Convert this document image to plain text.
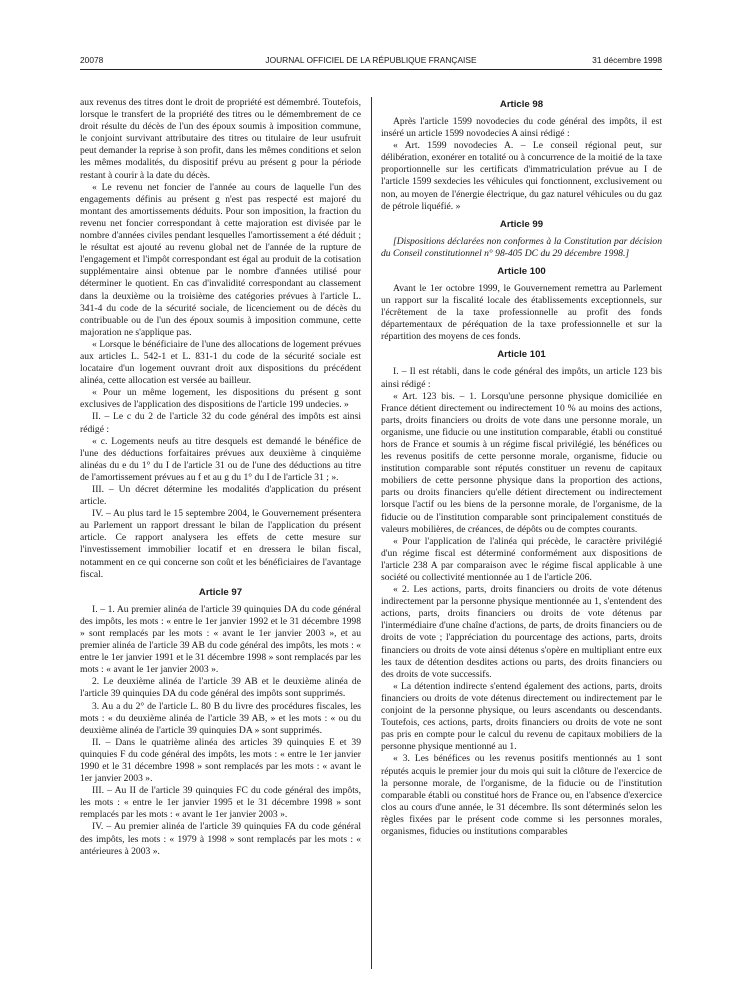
20078	JOURNAL OFFICIEL DE LA RÉPUBLIQUE FRANÇAISE	31 décembre 1998

aux revenus des titres dont le droit de propriété est démembré. Toutefois, lorsque le transfert de la propriété des titres ou le démembrement de ce droit résulte du décès de l'un des époux soumis à imposition commune, le conjoint survivant attributaire des titres ou titulaire de leur usufruit peut demander la reprise à son profit, dans les mêmes conditions et selon les mêmes modalités, du dispositif prévu au présent g pour la période restant à courir à la date du décès.

« Le revenu net foncier de l'année au cours de laquelle l'un des engagements définis au présent g n'est pas respecté est majoré du montant des amortissements déduits. Pour son imposition, la fraction du revenu net foncier correspondant à cette majoration est divisée par le nombre d'années civiles pendant lesquelles l'amortissement a été déduit ; le résultat est ajouté au revenu global net de l'année de la rupture de l'engagement et l'impôt correspondant est égal au produit de la cotisation supplémentaire ainsi obtenue par le nombre d'années utilisé pour déterminer le quotient. En cas d'invalidité correspondant au classement dans la deuxième ou la troisième des catégories prévues à l'article L. 341-4 du code de la sécurité sociale, de licenciement ou de décès du contribuable ou de l'un des époux soumis à imposition commune, cette majoration ne s'applique pas.

« Lorsque le bénéficiaire de l'une des allocations de logement prévues aux articles L. 542-1 et L. 831-1 du code de la sécurité sociale est locataire d'un logement ouvrant droit aux dispositions du précédent alinéa, cette allocation est versée au bailleur.

« Pour un même logement, les dispositions du présent g sont exclusives de l'application des dispositions de l'article 199 undecies. »

II. – Le c du 2 de l'article 32 du code général des impôts est ainsi rédigé :

« c. Logements neufs au titre desquels est demandé le bénéfice de l'une des déductions forfaitaires prévues aux deuxième à cinquième alinéas du e du 1° du I de l'article 31 ou de l'une des déductions au titre de l'amortissement prévues au f et au g du 1° du I de l'article 31 ; ».

III. – Un décret détermine les modalités d'application du présent article.

IV. – Au plus tard le 15 septembre 2004, le Gouvernement présentera au Parlement un rapport dressant le bilan de l'application du présent article. Ce rapport analysera les effets de cette mesure sur l'investissement immobilier locatif et en dressera le bilan fiscal, notamment en ce qui concerne son coût et les bénéficiaires de l'avantage fiscal.

Article 97

I. – 1. Au premier alinéa de l'article 39 quinquies DA du code général des impôts, les mots : « entre le 1er janvier 1992 et le 31 décembre 1998 » sont remplacés par les mots : « avant le 1er janvier 2003 », et au premier alinéa de l'article 39 AB du code général des impôts, les mots : « entre le 1er janvier 1991 et le 31 décembre 1998 » sont remplacés par les mots : « avant le 1er janvier 2003 ».

2. Le deuxième alinéa de l'article 39 AB et le deuxième alinéa de l'article 39 quinquies DA du code général des impôts sont supprimés.

3. Au a du 2° de l'article L. 80 B du livre des procédures fiscales, les mots : « du deuxième alinéa de l'article 39 AB, » et les mots : « ou du deuxième alinéa de l'article 39 quinquies DA » sont supprimés.

II. – Dans le quatrième alinéa des articles 39 quinquies E et 39 quinquies F du code général des impôts, les mots : « entre le 1er janvier 1990 et le 31 décembre 1998 » sont remplacés par les mots : « avant le 1er janvier 2003 ».

III. – Au II de l'article 39 quinquies FC du code général des impôts, les mots : « entre le 1er janvier 1995 et le 31 décembre 1998 » sont remplacés par les mots : « avant le 1er janvier 2003 ».

IV. – Au premier alinéa de l'article 39 quinquies FA du code général des impôts, les mots : « 1979 à 1998 » sont remplacés par les mots : « antérieures à 2003 ».

Article 98

Après l'article 1599 novodecies du code général des impôts, il est inséré un article 1599 novodecies A ainsi rédigé :

« Art. 1599 novodecies A. – Le conseil régional peut, sur délibération, exonérer en totalité ou à concurrence de la moitié de la taxe proportionnelle sur les certificats d'immatriculation prévue au I de l'article 1599 sexdecies les véhicules qui fonctionnent, exclusivement ou non, au moyen de l'énergie électrique, du gaz naturel véhicules ou du gaz de pétrole liquéfié. »

Article 99

[Dispositions déclarées non conformes à la Constitution par décision du Conseil constitutionnel n° 98-405 DC du 29 décembre 1998.]

Article 100

Avant le 1er octobre 1999, le Gouvernement remettra au Parlement un rapport sur la fiscalité locale des établissements exceptionnels, sur l'écrêtement de la taxe professionnelle au profit des fonds départementaux de péréquation de la taxe professionnelle et sur la répartition des moyens de ces fonds.

Article 101

I. – Il est rétabli, dans le code général des impôts, un article 123 bis ainsi rédigé :

« Art. 123 bis. – 1. Lorsqu'une personne physique domiciliée en France détient directement ou indirectement 10 % au moins des actions, parts, droits financiers ou droits de vote dans une personne morale, un organisme, une fiducie ou une institution comparable, établi ou constitué hors de France et soumis à un régime fiscal privilégié, les bénéfices ou les revenus positifs de cette personne morale, organisme, fiducie ou institution comparable sont réputés constituer un revenu de capitaux mobiliers de cette personne physique dans la proportion des actions, parts ou droits financiers qu'elle détient directement ou indirectement lorsque l'actif ou les biens de la personne morale, de l'organisme, de la fiducie ou de l'institution comparable sont principalement constitués de valeurs mobilières, de créances, de dépôts ou de comptes courants.

« Pour l'application de l'alinéa qui précède, le caractère privilégié d'un régime fiscal est déterminé conformément aux dispositions de l'article 238 A par comparaison avec le régime fiscal applicable à une société ou collectivité mentionnée au 1 de l'article 206.

« 2. Les actions, parts, droits financiers ou droits de vote détenus indirectement par la personne physique mentionnée au 1, s'entendent des actions, parts, droits financiers ou droits de vote détenus par l'intermédiaire d'une chaîne d'actions, de parts, de droits financiers ou de droits de vote ; l'appréciation du pourcentage des actions, parts, droits financiers ou droits de vote ainsi détenus s'opère en multipliant entre eux les taux de détention desdites actions ou parts, des droits financiers ou des droits de vote successifs.

« La détention indirecte s'entend également des actions, parts, droits financiers ou droits de vote détenus directement ou indirectement par le conjoint de la personne physique, ou leurs ascendants ou descendants. Toutefois, ces actions, parts, droits financiers ou droits de vote ne sont pas pris en compte pour le calcul du revenu de capitaux mobiliers de la personne physique mentionné au 1.

« 3. Les bénéfices ou les revenus positifs mentionnés au 1 sont réputés acquis le premier jour du mois qui suit la clôture de l'exercice de la personne morale, de l'organisme, de la fiducie ou de l'institution comparable établi ou constitué hors de France ou, en l'absence d'exercice clos au cours d'une année, le 31 décembre. Ils sont déterminés selon les règles fixées par le présent code comme si les personnes morales, organismes, fiducies ou institutions comparables
